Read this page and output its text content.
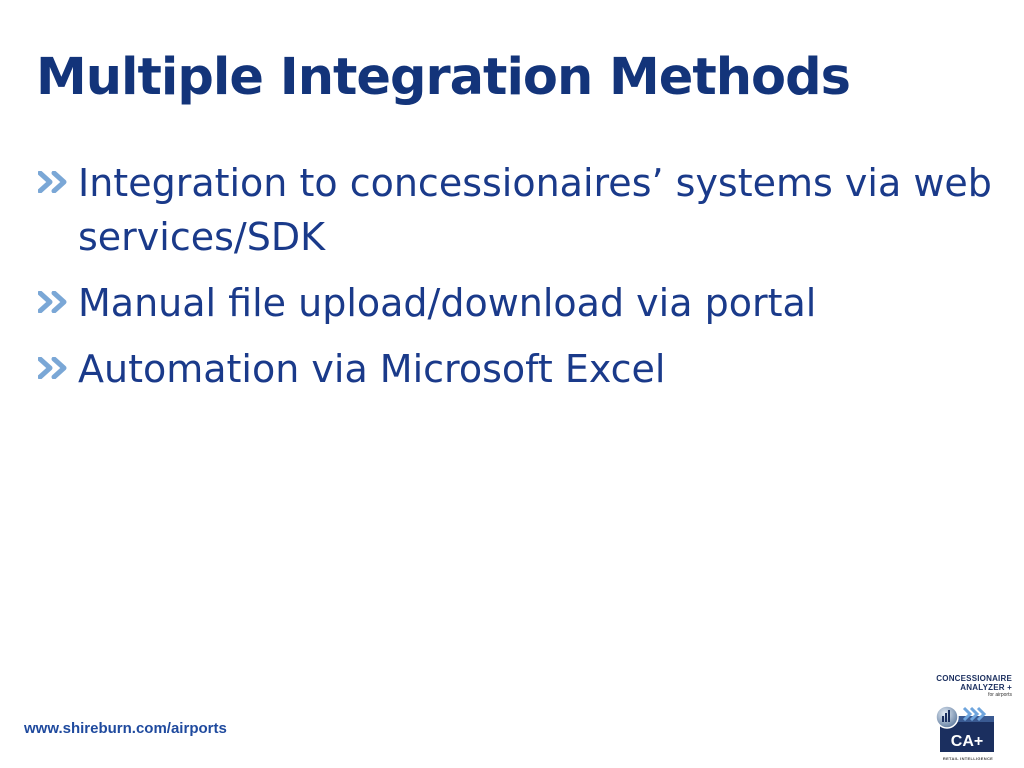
Multiple Integration Methods
Integration to concessionaires’ systems via web services/SDK
Manual file upload/download via portal
Automation via Microsoft Excel
www.shireburn.com/airports
CONCESSIONAIRE
ANALYZER +
for airports
CA+
RETAIL INTELLIGENCE
